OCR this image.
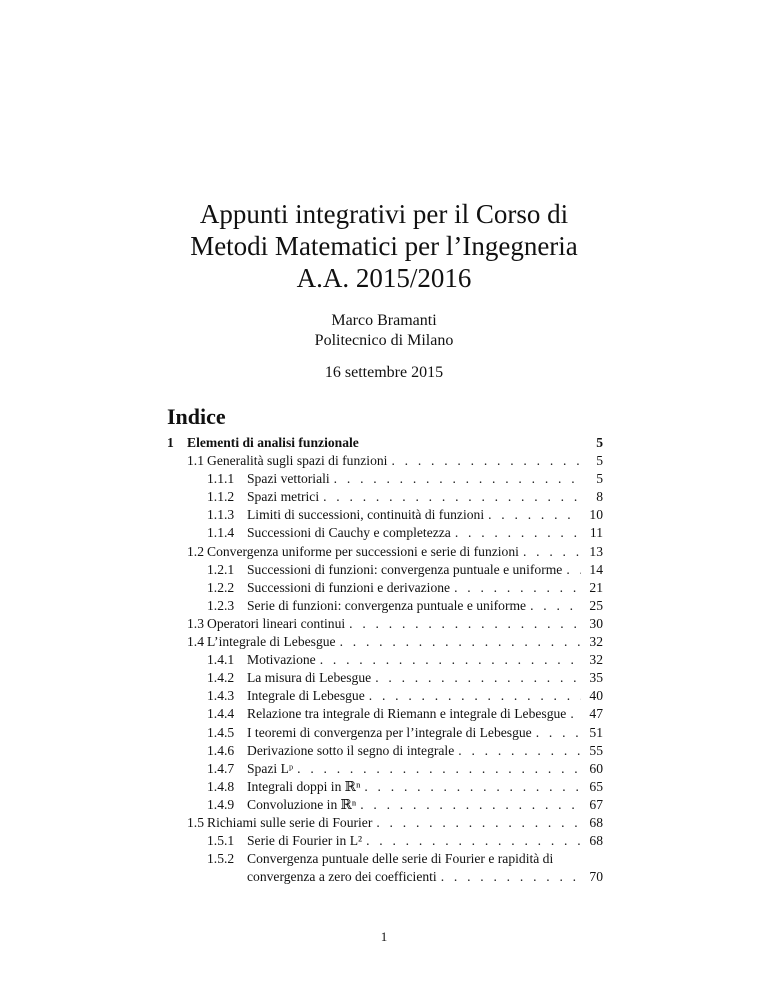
Appunti integrativi per il Corso di

Metodi Matematici per l’Ingegneria

A.A. 2015/2016

Marco Bramanti
Politecnico di Milano
16 settembre 2015
Indice
1 Elementi di analisi funzionale	5
1.1 Generalità sugli spazi di funzioni . . .	5
1.1.1 Spazi vettoriali . . .	5
1.1.2 Spazi metrici . . .	8
1.1.3 Limiti di successioni, continuità di funzioni . . .	10
1.1.4 Successioni di Cauchy e completezza . . .	11
1.2 Convergenza uniforme per successioni e serie di funzioni . . .	13
1.2.1 Successioni di funzioni: convergenza puntuale e uniforme . . .	14
1.2.2 Successioni di funzioni e derivazione . . .	21
1.2.3 Serie di funzioni: convergenza puntuale e uniforme . . .	25
1.3 Operatori lineari continui . . .	30
1.4 L’integrale di Lebesgue . . .	32
1.4.1 Motivazione . . .	32
1.4.2 La misura di Lebesgue . . .	35
1.4.3 Integrale di Lebesgue . . .	40
1.4.4 Relazione tra integrale di Riemann e integrale di Lebesgue . . .	47
1.4.5 I teoremi di convergenza per l’integrale di Lebesgue . . .	51
1.4.6 Derivazione sotto il segno di integrale . . .	55
1.4.7 Spazi Lᵖ . . .	60
1.4.8 Integrali doppi in ℝⁿ . . .	65
1.4.9 Convoluzione in ℝⁿ . . .	67
1.5 Richiami sulle serie di Fourier . . .	68
1.5.1 Serie di Fourier in L² . . .	68
1.5.2 Convergenza puntuale delle serie di Fourier e rapidità di
convergenza a zero dei coefficienti . . .	70
1
